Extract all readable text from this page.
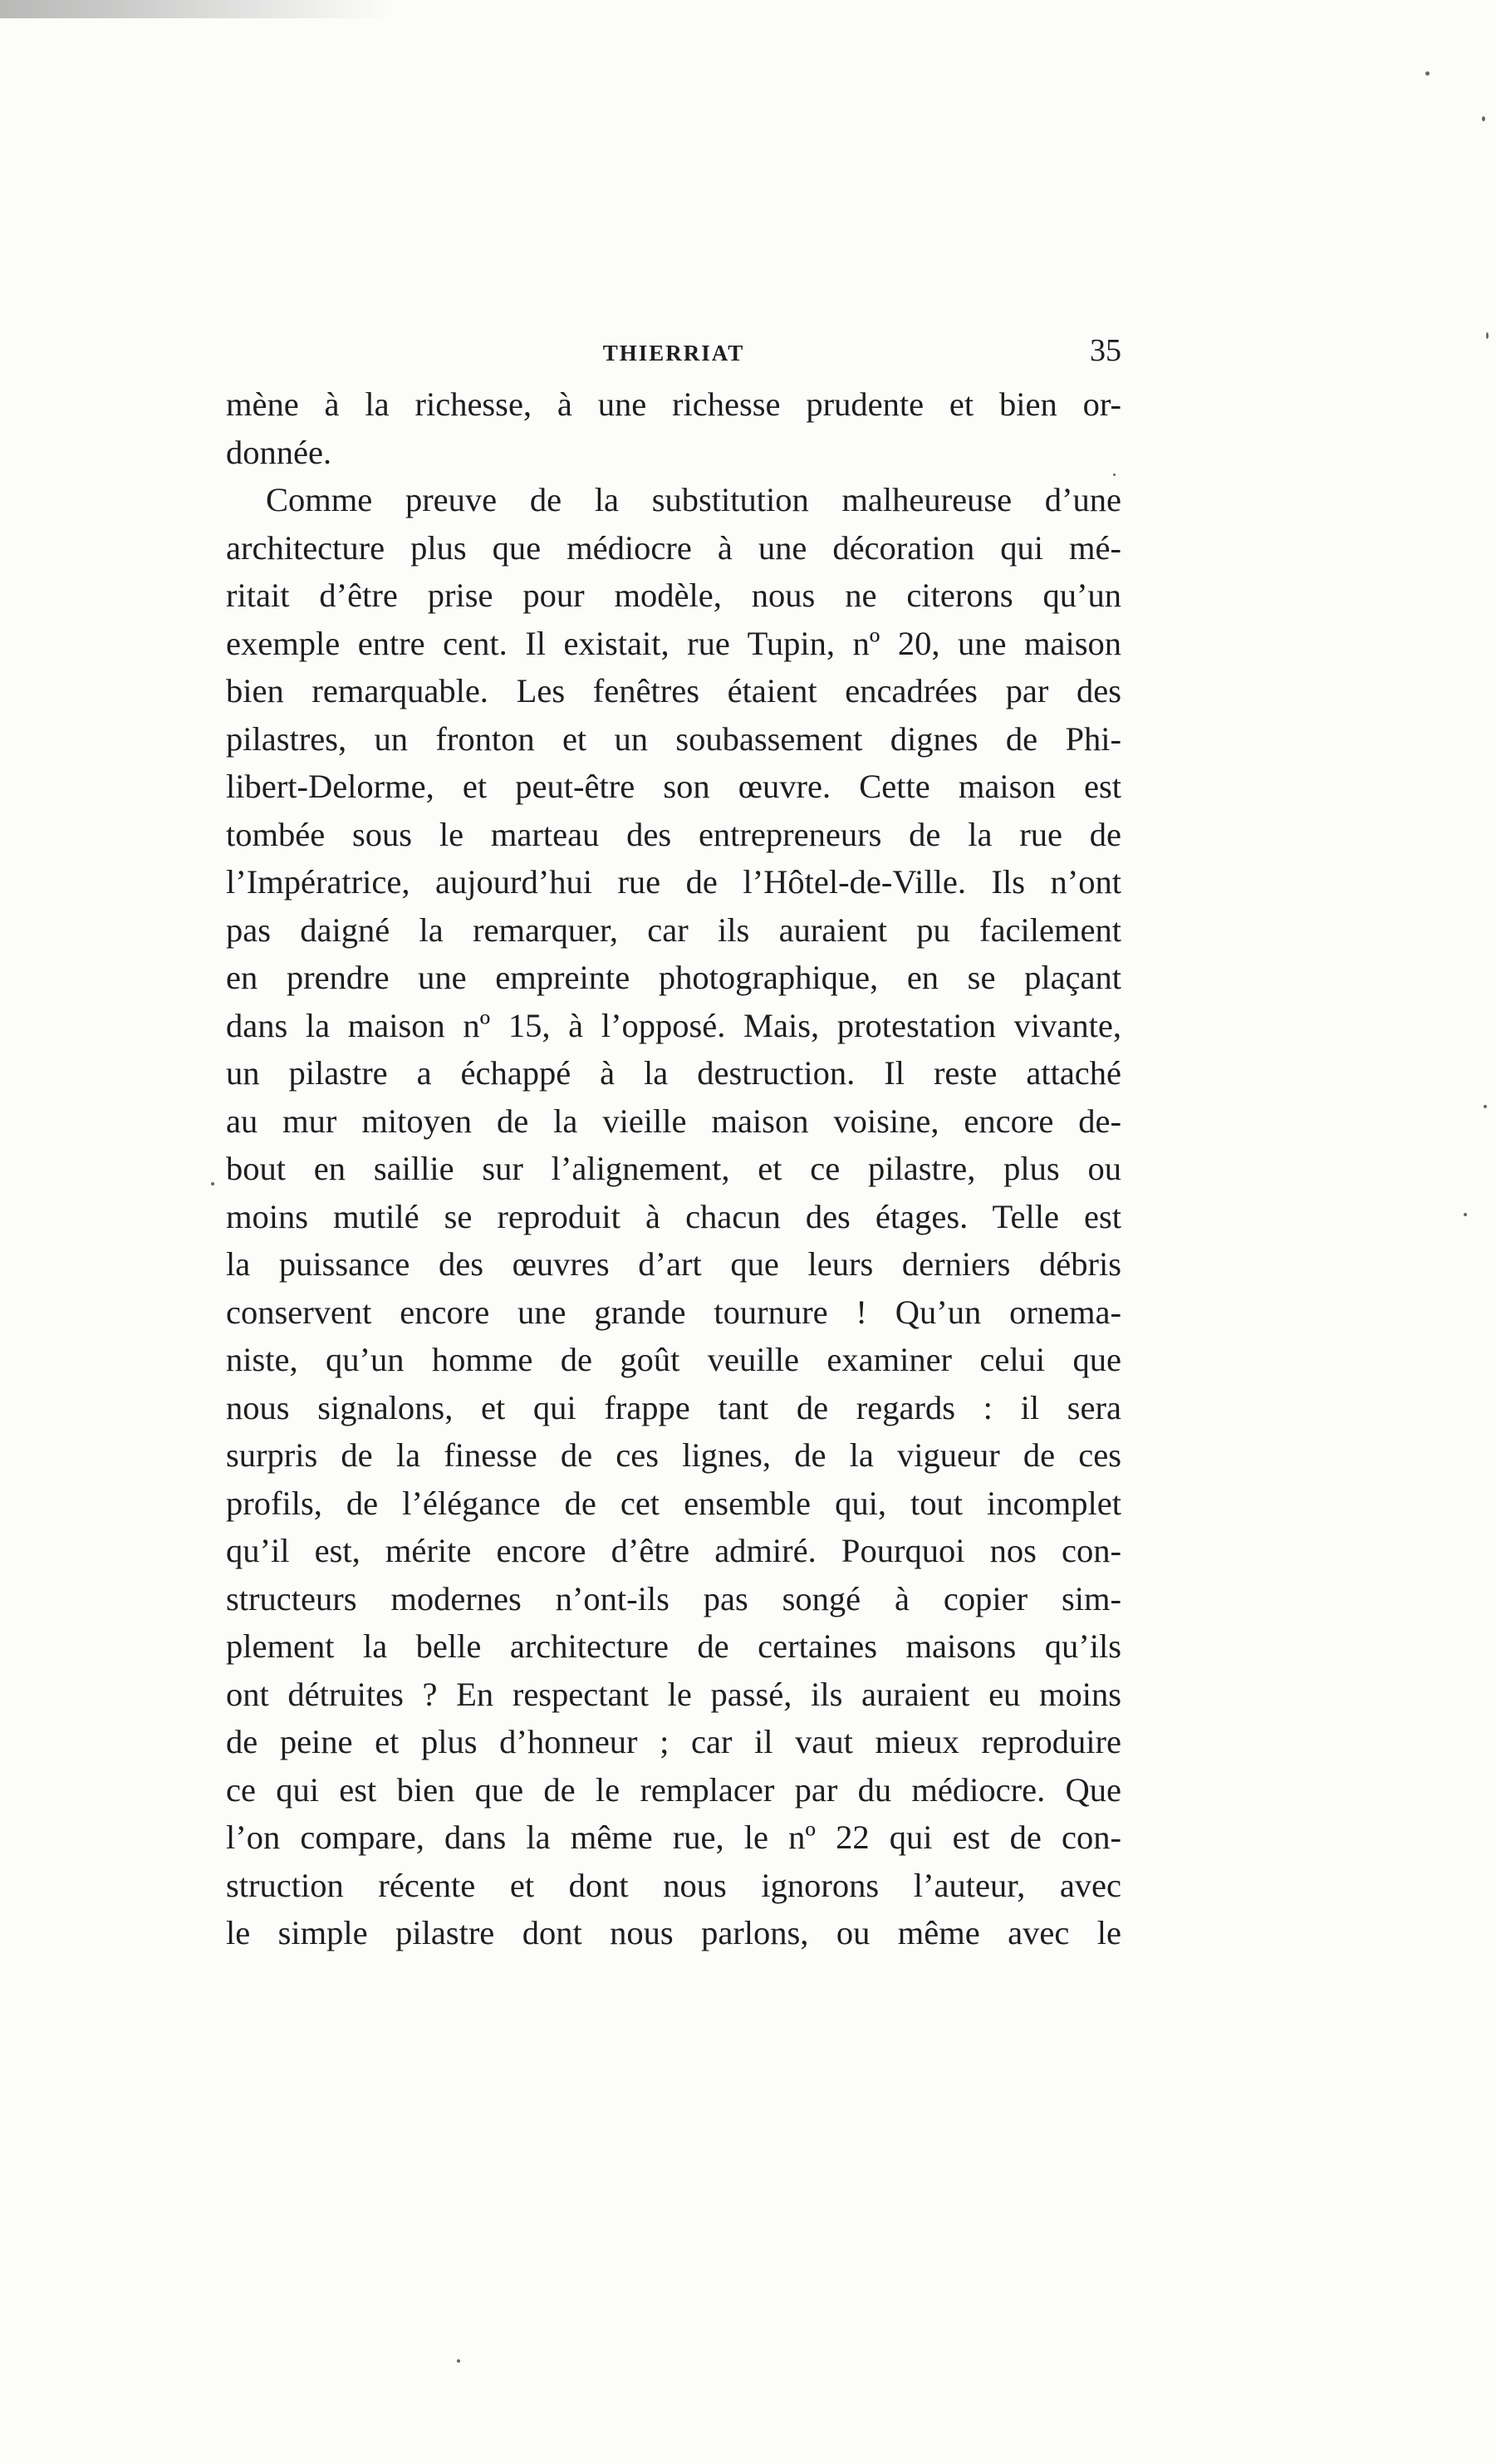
THIERRIAT	35
mène à la richesse, à une richesse prudente et bien or-
donnée.
Comme preuve de la substitution malheureuse d’une
architecture plus que médiocre à une décoration qui mé-
ritait d’être prise pour modèle, nous ne citerons qu’un
exemple entre cent. Il existait, rue Tupin, nº 20, une maison
bien remarquable. Les fenêtres étaient encadrées par des
pilastres, un fronton et un soubassement dignes de Phi-
libert-Delorme, et peut-être son œuvre. Cette maison est
tombée sous le marteau des entrepreneurs de la rue de
l’Impératrice, aujourd’hui rue de l’Hôtel-de-Ville. Ils n’ont
pas daigné la remarquer, car ils auraient pu facilement
en prendre une empreinte photographique, en se plaçant
dans la maison nº 15, à l’opposé. Mais, protestation vivante,
un pilastre a échappé à la destruction. Il reste attaché
au mur mitoyen de la vieille maison voisine, encore de-
bout en saillie sur l’alignement, et ce pilastre, plus ou
moins mutilé se reproduit à chacun des étages. Telle est
la puissance des œuvres d’art que leurs derniers débris
conservent encore une grande tournure ! Qu’un ornema-
niste, qu’un homme de goût veuille examiner celui que
nous signalons, et qui frappe tant de regards : il sera
surpris de la finesse de ces lignes, de la vigueur de ces
profils, de l’élégance de cet ensemble qui, tout incomplet
qu’il est, mérite encore d’être admiré. Pourquoi nos con-
structeurs modernes n’ont-ils pas songé à copier sim-
plement la belle architecture de certaines maisons qu’ils
ont détruites ? En respectant le passé, ils auraient eu moins
de peine et plus d’honneur ; car il vaut mieux reproduire
ce qui est bien que de le remplacer par du médiocre. Que
l’on compare, dans la même rue, le nº 22 qui est de con-
struction récente et dont nous ignorons l’auteur, avec
le simple pilastre dont nous parlons, ou même avec le
